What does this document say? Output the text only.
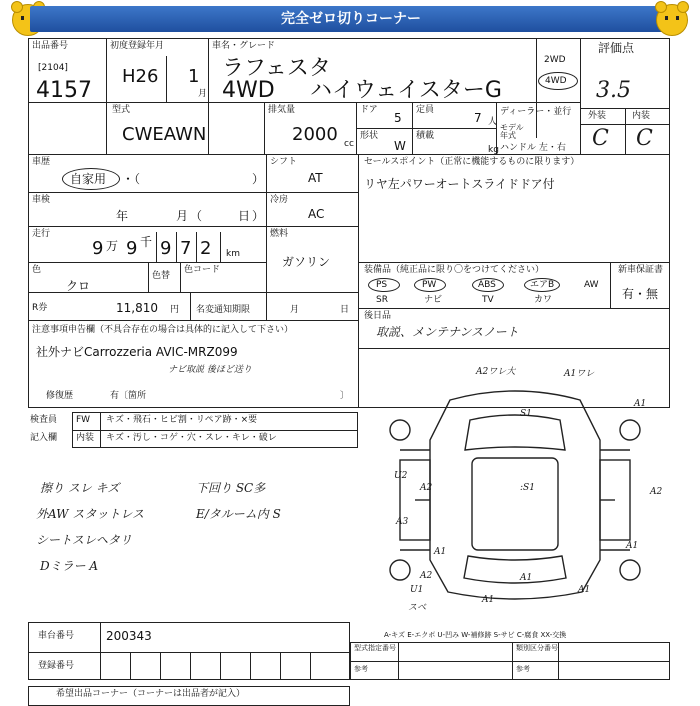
完全ゼロ切りコーナー
出品番号
[2104]
4157
初度登録年月
H26 1
月
車名・グレード
ラフェスタ
4WD ハイウェイスターG
2WD
4WD
評価点
3.5
外装	内装
C C
型式
CWEAWN
排気量
2000 cc
ドア
5
定員
7 人
形状
W
積載
kg
ディーラー・並行
モデル年式
ハンドル 左・右
車歴
自家用 ・（	）
シフト
AT
セールスポイント（正常に機能するものに限ります）
リヤ左パワーオートスライドドア付
車検
年	月 （	日 ）
冷房
AC
走行
9 万 9 千 9 7 2 km
燃料
ガソリン
色
クロ
色替
色コード
R券	11,810 円 名変通知期限	月	日
装備品（純正品に限り〇をつけてください）	新車保証書
有・無
PS	PW	ABS	エアB	AW
SR	ナビ	TV	カワ
後日品
取説、メンテナンスノート
注意事項申告欄（不具合存在の場合は具体的に記入して下さい）
社外ナビCarrozzeria AVIC-MRZ099
ナビ取説 後ほど送り
修復歴	有〔箇所	〕
検査員 FW キズ・飛石・ヒビ割・リペア跡・×要
記入欄 内装 キズ・汚し・コゲ・穴・スレ・キレ・破レ
擦り スレ キズ
外AW スタットレス
シートスレヘタリ
Dミラー A
下回り SC多
E/タルーム内 S
A2ワレ大	A1ワレ
A1
S1
U2
A2	A2
:S1
A3
A1
A1
A1
A2
U1	A1
A1
スベ
A-キズ E-エクボ U-凹み W-補修跡 S-サビ C-腐食 XX-交換
車台番号	200343
登録番号
型式指定番号
参考
類別区分番号
参考
希望出品コーナー（コーナーは出品者が記入）
